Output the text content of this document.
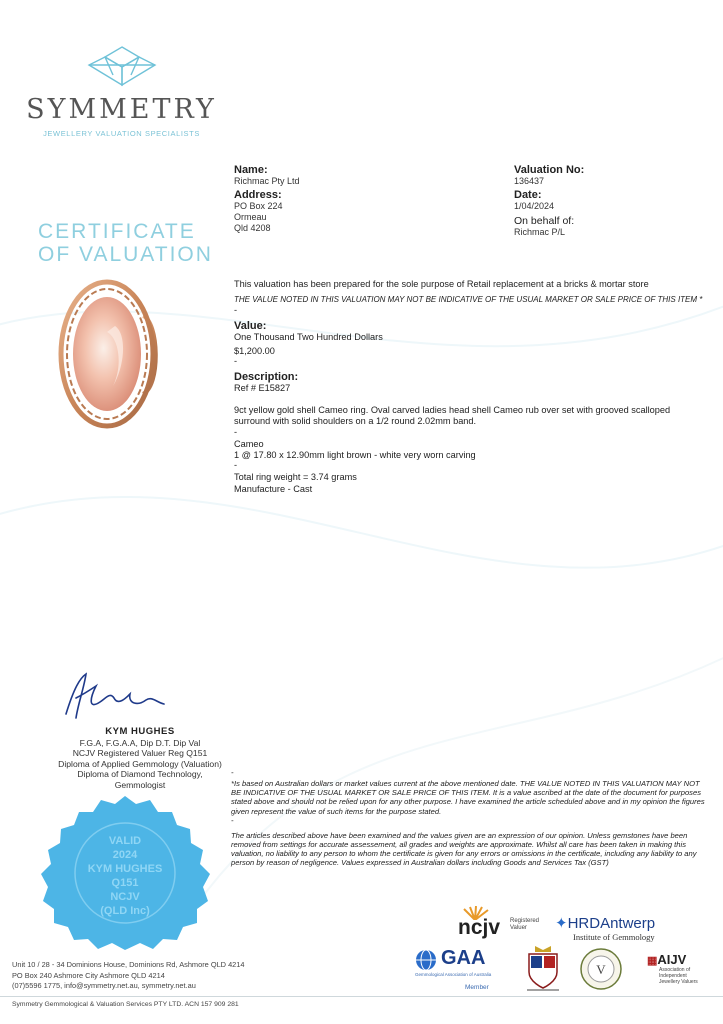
SYMMETRY
JEWELLERY VALUATION SPECIALISTS
CERTIFICATE
OF VALUATION
Name:
Richmac Pty Ltd
Address:
PO Box 224
Ormeau
Qld 4208
Valuation No:
136437
Date:
1/04/2024
On behalf of:
Richmac P/L
This valuation has been prepared for the sole purpose of Retail replacement at a bricks & mortar store
THE VALUE NOTED IN THIS VALUATION MAY NOT BE INDICATIVE OF THE USUAL MARKET OR SALE PRICE OF THIS ITEM *
-
Value:
One Thousand Two Hundred Dollars
$1,200.00
-
Description:
Ref # E15827
9ct yellow gold shell Cameo ring. Oval carved ladies head shell Cameo rub over set with grooved scalloped surround with solid shoulders on a 1/2 round 2.02mm band.
-
Cameo
1 @ 17.80 x 12.90mm light brown - white very worn carving
-
Total ring weight = 3.74 grams
Manufacture - Cast
KYM HUGHES
F.G.A, F.G.A.A, Dip D.T. Dip Val
NCJV Registered Valuer Reg Q151
Diploma of Applied Gemmology (Valuation)
Diploma of Diamond Technology,
Gemmologist
VALID
2024
KYM HUGHES
Q151
NCJV
(QLD Inc)
-
*Is based on Australian dollars or market values current at the above mentioned date. THE VALUE NOTED IN THIS VALUATION MAY NOT BE INDICATIVE OF THE USUAL MARKET OR SALE PRICE OF THIS ITEM. It is a value ascribed at the date of the document for purposes stated above and should not be relied upon for any other purpose. I have examined the article scheduled above and in my opinion the figures given represent the value of such items for the purpose stated.
-
The articles described above have been examined and the values given are an expression of our opinion. Unless gemstones have been removed from settings for accurate assessement, all grades and weights are approximate. Whilst all care has been taken in making this valuation, no liability to any person to whom the certificate is given for any errors or omissions in the certificate, including any liability to any person by reason of negligence. Values expressed in Australian dollars including Goods and Services Tax (GST)
ncjv Registered
Valuer	✦HRDAntwerp
Institute of Gemmology
GAA
Gemmological Association of Australia
Member
V
▦AIJV
Association of
Independent
Jewellery Valuers
Unit 10 / 28 - 34 Dominions House, Dominions Rd, Ashmore QLD 4214
PO Box 240 Ashmore City Ashmore QLD 4214
(07)5596 1775, info@symmetry.net.au, symmetry.net.au
Symmetry Gemmological & Valuation Services PTY LTD. ACN 157 909 281
